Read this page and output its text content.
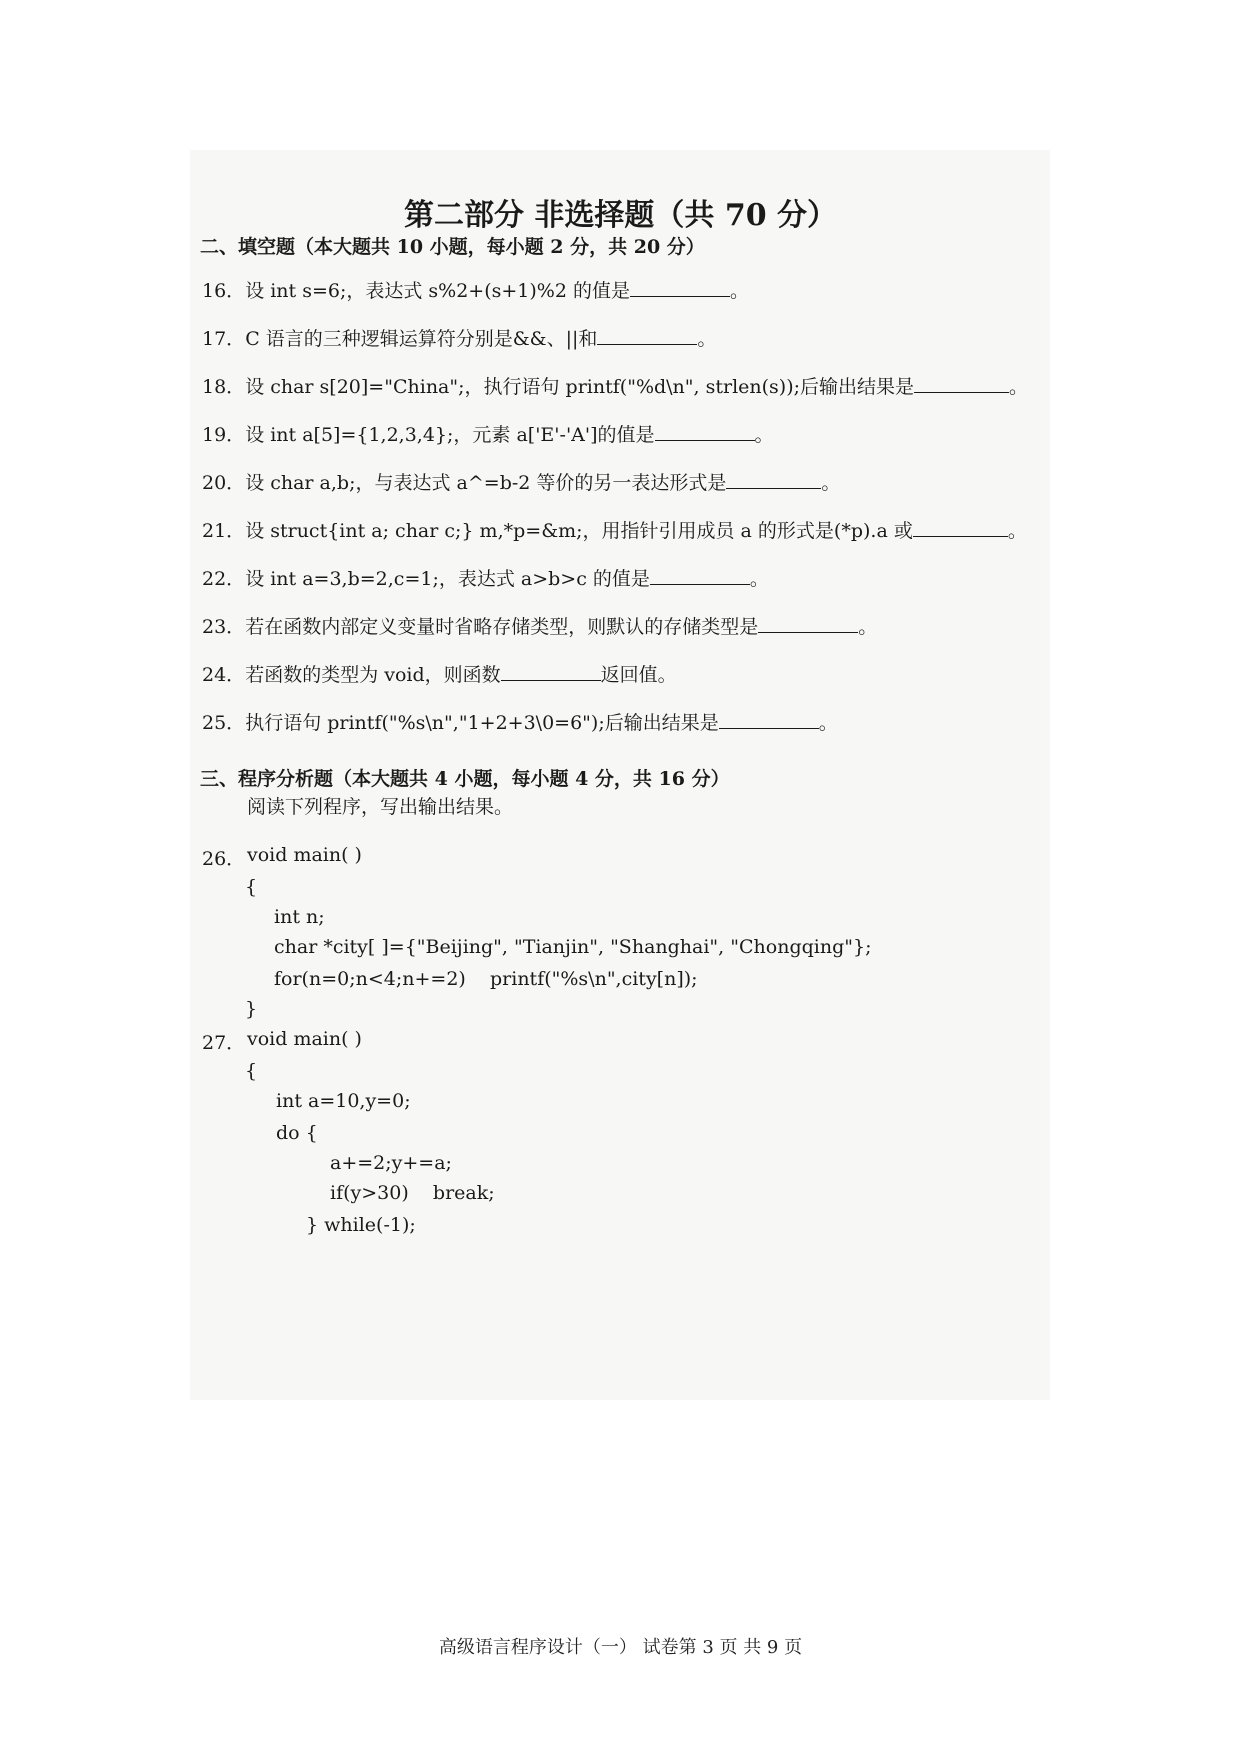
第二部分 非选择题（共 70 分）
二、填空题（本大题共 10 小题，每小题 2 分，共 20 分）
16．设 int s=6;，表达式 s%2+(s+1)%2 的值是	。
17．C 语言的三种逻辑运算符分别是&&、||和	。
18．设 char s[20]="China";，执行语句 printf("%d\n", strlen(s));后输出结果是	。
19．设 int a[5]={1,2,3,4};，元素 a['E'-'A']的值是	。
20．设 char a,b;，与表达式 a^=b-2 等价的另一表达形式是	。
21．设 struct{int a; char c;} m,*p=&m;，用指针引用成员 a 的形式是(*p).a 或	。
22．设 int a=3,b=2,c=1;，表达式 a>b>c 的值是	。
23．若在函数内部定义变量时省略存储类型，则默认的存储类型是	。
24．若函数的类型为 void，则函数	返回值。
25．执行语句 printf("%s\n","1+2+3\0=6");后输出结果是	。
三、程序分析题（本大题共 4 小题，每小题 4 分，共 16 分）
阅读下列程序，写出输出结果。
26． void main( )
{
int n;
char *city[ ]={"Beijing", "Tianjin", "Shanghai", "Chongqing"};
for(n=0;n<4;n+=2)    printf("%s\n",city[n]);
}
27． void main( )
{
int a=10,y=0;
do {
a+=2;y+=a;
if(y>30)    break;
} while(-1);
高级语言程序设计（一） 试卷第 3 页 共 9 页
